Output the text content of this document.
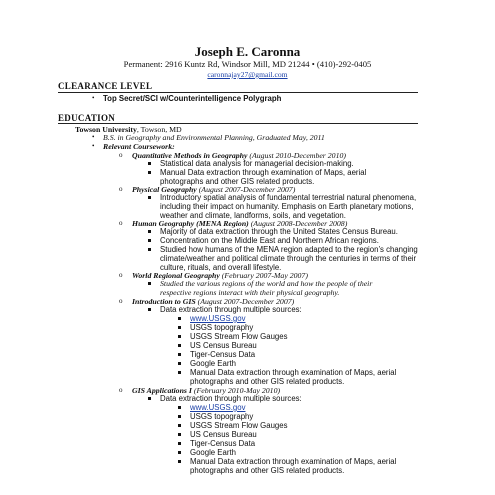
Joseph E. Caronna
Permanent: 2916 Kuntz Rd, Windsor Mill, MD 21244 • (410)-292-0405
caronnajay27@gmail.com
CLEARANCE LEVEL
• Top Secret/SCI w/Counterintelligence Polygraph
EDUCATION
Towson University, Towson, MD
• B.S. in Geography and Environmental Planning, Graduated May, 2011
• Relevant Coursework:
o Quantitative Methods in Geography (August 2010-December 2010)
Statistical data analysis for managerial decision-making.
Manual Data extraction through examination of Maps, aerial
photographs and other GIS related products.
o Physical Geography (August 2007-December 2007)
Introductory spatial analysis of fundamental terrestrial natural phenomena,
including their impact on humanity. Emphasis on Earth planetary motions,
weather and climate, landforms, soils, and vegetation.
o Human Geography (MENA Region) (August 2008-December 2008)
Majority of data extraction through the United States Census Bureau.
Concentration on the Middle East and Northern African regions.
Studied how humans of the MENA region adapted to the region’s changing
climate/weather and political climate through the centuries in terms of their
culture, rituals, and overall lifestyle.
o World Regional Geography (February 2007-May 2007)
Studied the various regions of the world and how the people of their
respective regions interact with their physical geography.
o Introduction to GIS (August 2007-December 2007)
Data extraction through multiple sources:
www.USGS.gov
USGS topography
USGS Stream Flow Gauges
US Census Bureau
Tiger-Census Data
Google Earth
Manual Data extraction through examination of Maps, aerial
photographs and other GIS related products.
o GIS Applications I (February 2010-May 2010)
Data extraction through multiple sources:
www.USGS.gov
USGS topography
USGS Stream Flow Gauges
US Census Bureau
Tiger-Census Data
Google Earth
Manual Data extraction through examination of Maps, aerial
photographs and other GIS related products.
